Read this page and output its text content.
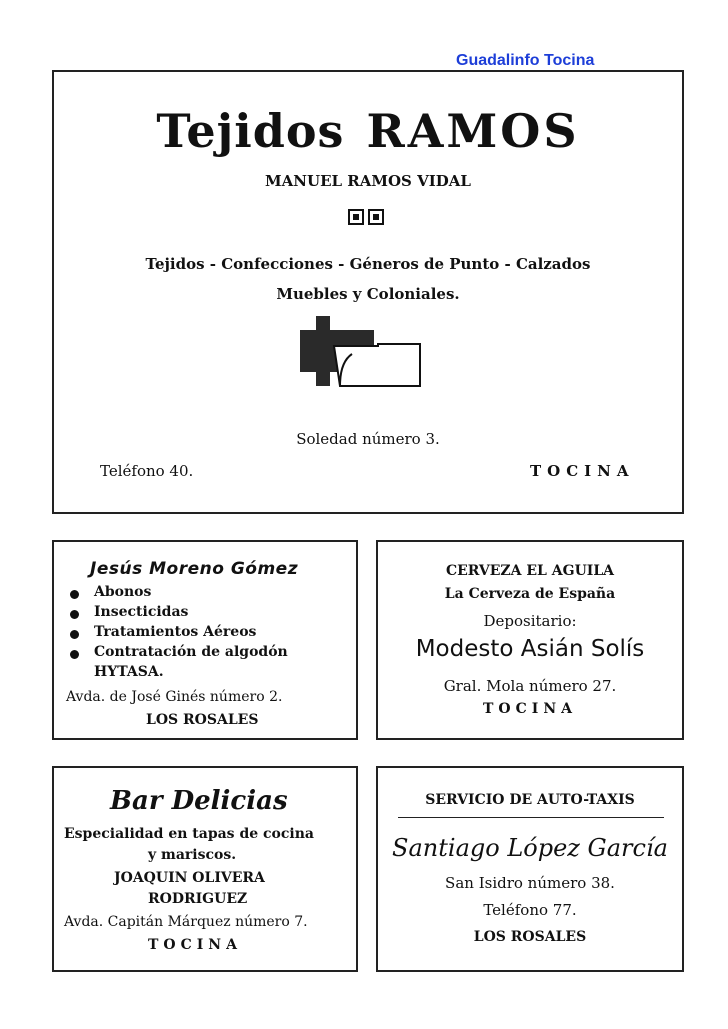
Guadalinfo Tocina
Tejidos RAMOS
MANUEL RAMOS VIDAL
Tejidos - Confecciones - Géneros de Punto - Calzados
Muebles y Coloniales.
Soledad número 3.
Teléfono 40.	TOCINA
Jesús Moreno Gómez
Abonos
Insecticidas
Tratamientos Aéreos
Contratación de algodón
HYTASA.
Avda. de José Ginés número 2.
LOS ROSALES
CERVEZA EL AGUILA
La Cerveza de España
Depositario:
Modesto Asián Solís
Gral. Mola número 27.
TOCINA
Bar Delicias
Especialidad en tapas de cocina
y mariscos.
JOAQUIN OLIVERA
RODRIGUEZ
Avda. Capitán Márquez número 7.
TOCINA
SERVICIO DE AUTO-TAXIS
Santiago López García
San Isidro número 38.
Teléfono 77.
LOS ROSALES
